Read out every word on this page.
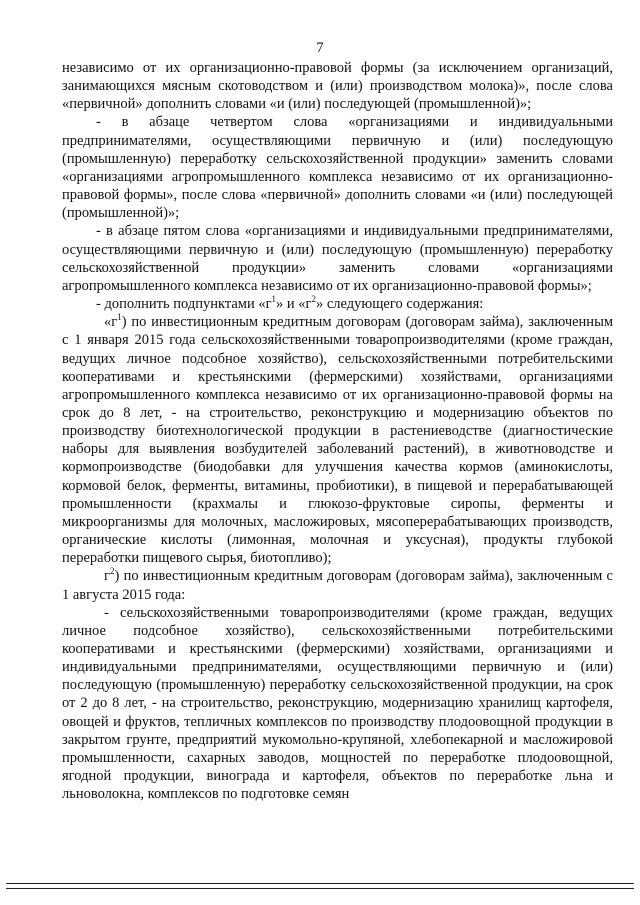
7

независимо от их организационно-правовой формы (за исключением организаций, занимающихся мясным скотоводством и (или) производством молока)», после слова «первичной» дополнить словами «и (или) последующей (промышленной)»;

- в абзаце четвертом слова «организациями и индивидуальными предпринимателями, осуществляющими первичную и (или) последующую (промышленную) переработку сельскохозяйственной продукции» заменить словами «организациями агропромышленного комплекса независимо от их организационно-правовой формы», после слова «первичной» дополнить словами «и (или) последующей (промышленной)»;

- в абзаце пятом слова «организациями и индивидуальными предпринимателями, осуществляющими первичную и (или) последующую (промышленную) переработку сельскохозяйственной продукции» заменить словами «организациями агропромышленного комплекса независимо от их организационно-правовой формы»;

- дополнить подпунктами «$г^1$» и «$г^2$» следующего содержания:

«$г^1$) по инвестиционным кредитным договорам (договорам займа), заключенным с 1 января 2015 года сельскохозяйственными товаропроизводителями (кроме граждан, ведущих личное подсобное хозяйство), сельскохозяйственными потребительскими кооперативами и крестьянскими (фермерскими) хозяйствами, организациями агропромышленного комплекса независимо от их организационно-правовой формы на срок до 8 лет, - на строительство, реконструкцию и модернизацию объектов по производству биотехнологической продукции в растениеводстве (диагностические наборы для выявления возбудителей заболеваний растений), в животноводстве и кормопроизводстве (биодобавки для улучшения качества кормов (аминокислоты, кормовой белок, ферменты, витамины, пробиотики), в пищевой и перерабатывающей промышленности (крахмалы и глюкозо-фруктовые сиропы, ферменты и микроорганизмы для молочных, масложировых, мясоперерабатывающих производств, органические кислоты (лимонная, молочная и уксусная), продукты глубокой переработки пищевого сырья, биотопливо);

$г^2$) по инвестиционным кредитным договорам (договорам займа), заключенным с 1 августа 2015 года:

- сельскохозяйственными товаропроизводителями (кроме граждан, ведущих личное подсобное хозяйство), сельскохозяйственными потребительскими кооперативами и крестьянскими (фермерскими) хозяйствами, организациями и индивидуальными предпринимателями, осуществляющими первичную и (или) последующую (промышленную) переработку сельскохозяйственной продукции, на срок от 2 до 8 лет, - на строительство, реконструкцию, модернизацию хранилищ картофеля, овощей и фруктов, тепличных комплексов по производству плодоовощной продукции в закрытом грунте, предприятий мукомольно-крупяной, хлебопекарной и масложировой промышленности, сахарных заводов, мощностей по переработке плодоовощной, ягодной продукции, винограда и картофеля, объектов по переработке льна и льноволокна, комплексов по подготовке семян
